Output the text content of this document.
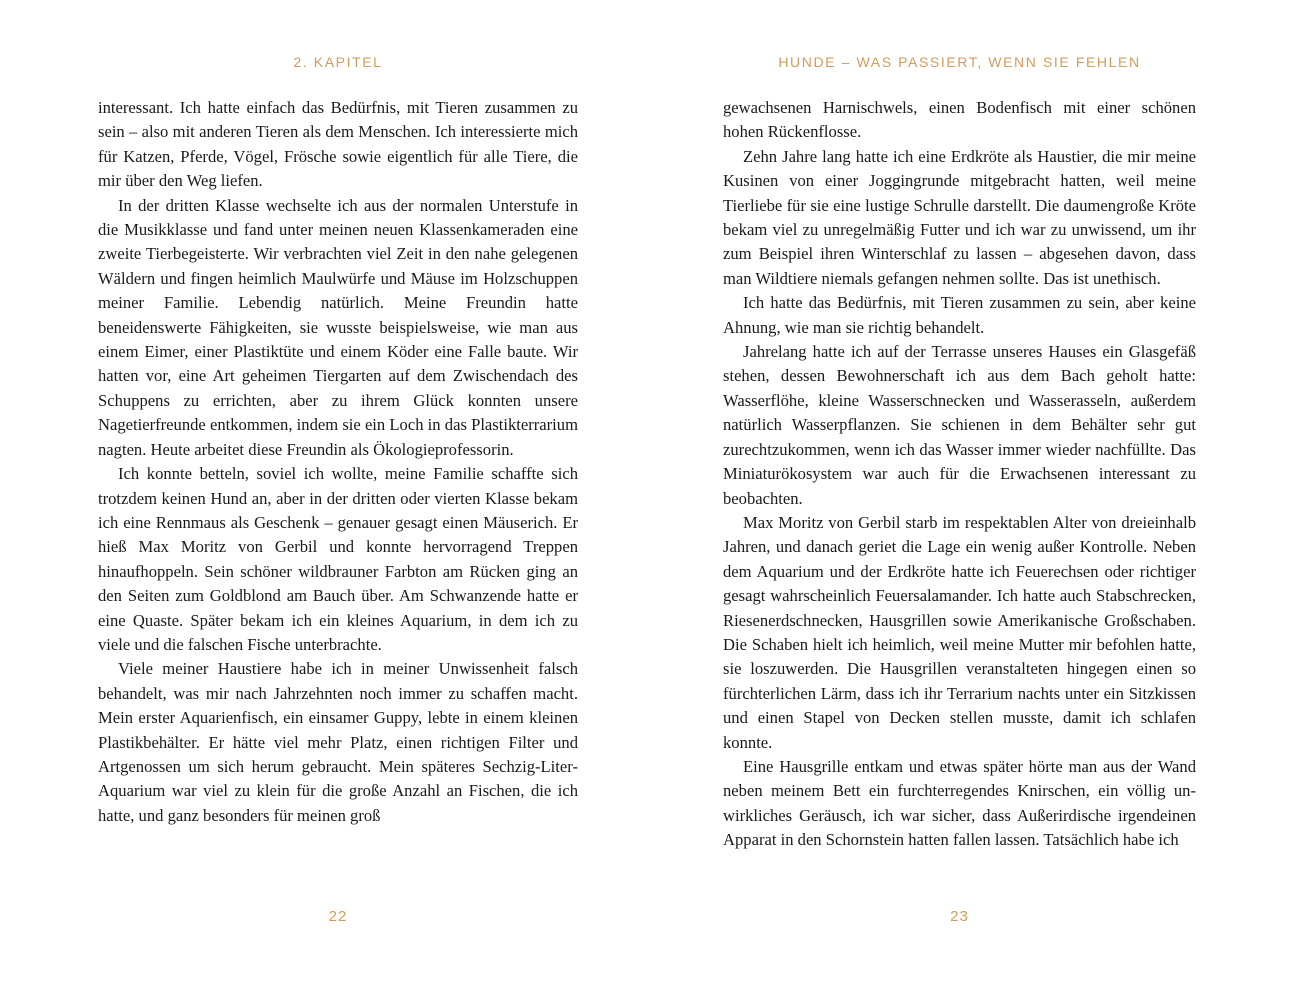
2. KAPITEL

interessant. Ich hatte einfach das Bedürfnis, mit Tieren zusammen zu sein – also mit anderen Tieren als dem Menschen. Ich interessierte mich für Katzen, Pferde, Vögel, Frösche sowie eigentlich für alle Tiere, die mir über den Weg liefen.

In der dritten Klasse wechselte ich aus der normalen Unterstufe in die Musikklasse und fand unter meinen neuen Klassenkameraden eine zweite Tierbegeisterte. Wir verbrachten viel Zeit in den nahe gelegenen Wäldern und fingen heimlich Maulwürfe und Mäuse im Holzschuppen meiner Familie. Lebendig natürlich. Meine Freundin hatte beneidenswerte Fähigkeiten, sie wusste beispielsweise, wie man aus einem Eimer, einer Plastiktüte und einem Köder eine Falle baute. Wir hatten vor, eine Art geheimen Tiergarten auf dem Zwischendach des Schuppens zu errichten, aber zu ihrem Glück konnten unsere Nagetierfreunde entkommen, indem sie ein Loch in das Plastikterrarium nagten. Heute arbeitet diese Freundin als Ökologieprofessorin.

Ich konnte betteln, soviel ich wollte, meine Familie schaffte sich trotzdem keinen Hund an, aber in der dritten oder vierten Klasse bekam ich eine Rennmaus als Geschenk – genauer gesagt einen Mäuserich. Er hieß Max Moritz von Gerbil und konnte hervorragend Treppen hinaufhoppeln. Sein schöner wildbrauner Farbton am Rücken ging an den Seiten zum Goldblond am Bauch über. Am Schwanzende hatte er eine Quaste. Später bekam ich ein kleines Aquarium, in dem ich zu viele und die falschen Fische unterbrachte.

Viele meiner Haustiere habe ich in meiner Unwissenheit falsch behandelt, was mir nach Jahrzehnten noch immer zu schaffen macht. Mein erster Aquarienfisch, ein einsamer Guppy, lebte in einem kleinen Plastikbehälter. Er hätte viel mehr Platz, einen richtigen Filter und Artgenossen um sich herum gebraucht. Mein späteres Sechzig-Liter-Aquarium war viel zu klein für die große Anzahl an Fischen, die ich hatte, und ganz besonders für meinen groß

22
HUNDE – WAS PASSIERT, WENN SIE FEHLEN

gewachsenen Harnischwels, einen Bodenfisch mit einer schönen hohen Rückenflosse.

Zehn Jahre lang hatte ich eine Erdkröte als Haustier, die mir meine Kusinen von einer Joggingrunde mitgebracht hatten, weil meine Tierliebe für sie eine lustige Schrulle darstellt. Die daumengroße Kröte bekam viel zu unregelmäßig Futter und ich war zu unwissend, um ihr zum Beispiel ihren Winterschlaf zu lassen – abgesehen davon, dass man Wildtiere niemals gefangen nehmen sollte. Das ist unethisch.

Ich hatte das Bedürfnis, mit Tieren zusammen zu sein, aber keine Ahnung, wie man sie richtig behandelt.

Jahrelang hatte ich auf der Terrasse unseres Hauses ein Glasgefäß stehen, dessen Bewohnerschaft ich aus dem Bach geholt hatte: Wasserflöhe, kleine Wasserschnecken und Wasserasseln, außerdem natürlich Wasserpflanzen. Sie schienen in dem Behälter sehr gut zurechtzukommen, wenn ich das Wasser immer wieder nachfüllte. Das Miniaturökosystem war auch für die Erwachsenen interessant zu beobachten.

Max Moritz von Gerbil starb im respektablen Alter von dreieinhalb Jahren, und danach geriet die Lage ein wenig außer Kontrolle. Neben dem Aquarium und der Erdkröte hatte ich Feuerechsen oder richtiger gesagt wahrscheinlich Feuersalamander. Ich hatte auch Stabschrecken, Riesenerdschnecken, Hausgrillen sowie Amerikanische Großschaben. Die Schaben hielt ich heimlich, weil meine Mutter mir befohlen hatte, sie loszuwerden. Die Hausgrillen veranstalteten hingegen einen so fürchterlichen Lärm, dass ich ihr Terrarium nachts unter ein Sitzkissen und einen Stapel von Decken stellen musste, damit ich schlafen konnte.

Eine Hausgrille entkam und etwas später hörte man aus der Wand neben meinem Bett ein furchterregendes Knirschen, ein völlig unwirkliches Geräusch, ich war sicher, dass Außerirdische irgendeinen Apparat in den Schornstein hatten fallen lassen. Tatsächlich habe ich

23
